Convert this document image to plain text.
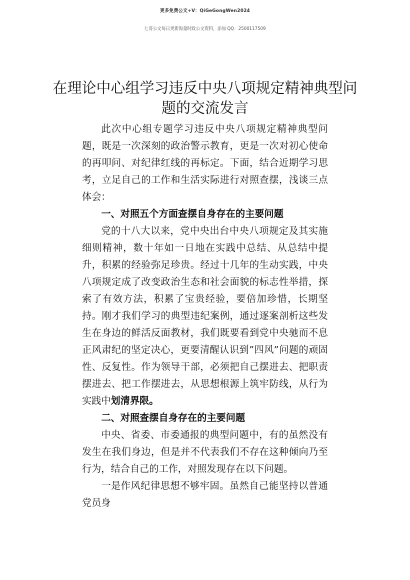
更多免费公文+V：QiGeGongWen2024
七哥公文每日更新海量时政公文资料，添加 QQ：2500117509
在理论中心组学习违反中央八项规定精神典型问题的交流发言

此次中心组专题学习违反中央八项规定精神典型问题，既是一次深刻的政治警示教育，更是一次对初心使命的再叩问、对纪律红线的再标定。下面，结合近期学习思考，立足自己的工作和生活实际进行对照查摆，浅谈三点体会：

一、对照五个方面查摆自身存在的主要问题

党的十八大以来，党中央出台中央八项规定及其实施细则精神，数十年如一日地在实践中总结、从总结中提升，积累的经验弥足珍贵。经过十几年的生动实践，中央八项规定成了改变政治生态和社会面貌的标志性举措，探索了有效方法，积累了宝贵经验，要倍加珍惜，长期坚持。刚才我们学习的典型违纪案例，通过逐案剖析这些发生在身边的鲜活反面教材，我们既要看到党中央驰而不息正风肃纪的坚定决心，更要清醒认识到”四风”问题的顽固性、反复性。作为领导干部，必须把自己摆进去、把职责摆进去、把工作摆进去，从思想根源上筑牢防线，从行为实践中划清界限。

二、对照查摆自身存在的主要问题

中央、省委、市委通报的典型问题中，有的虽然没有发生在我们身边，但是并不代表我们不存在这种倾向乃至行为，结合自己的工作，对照发现存在以下问题。

一是作风纪律思想不够牢固。虽然自己能坚持以普通党员身
